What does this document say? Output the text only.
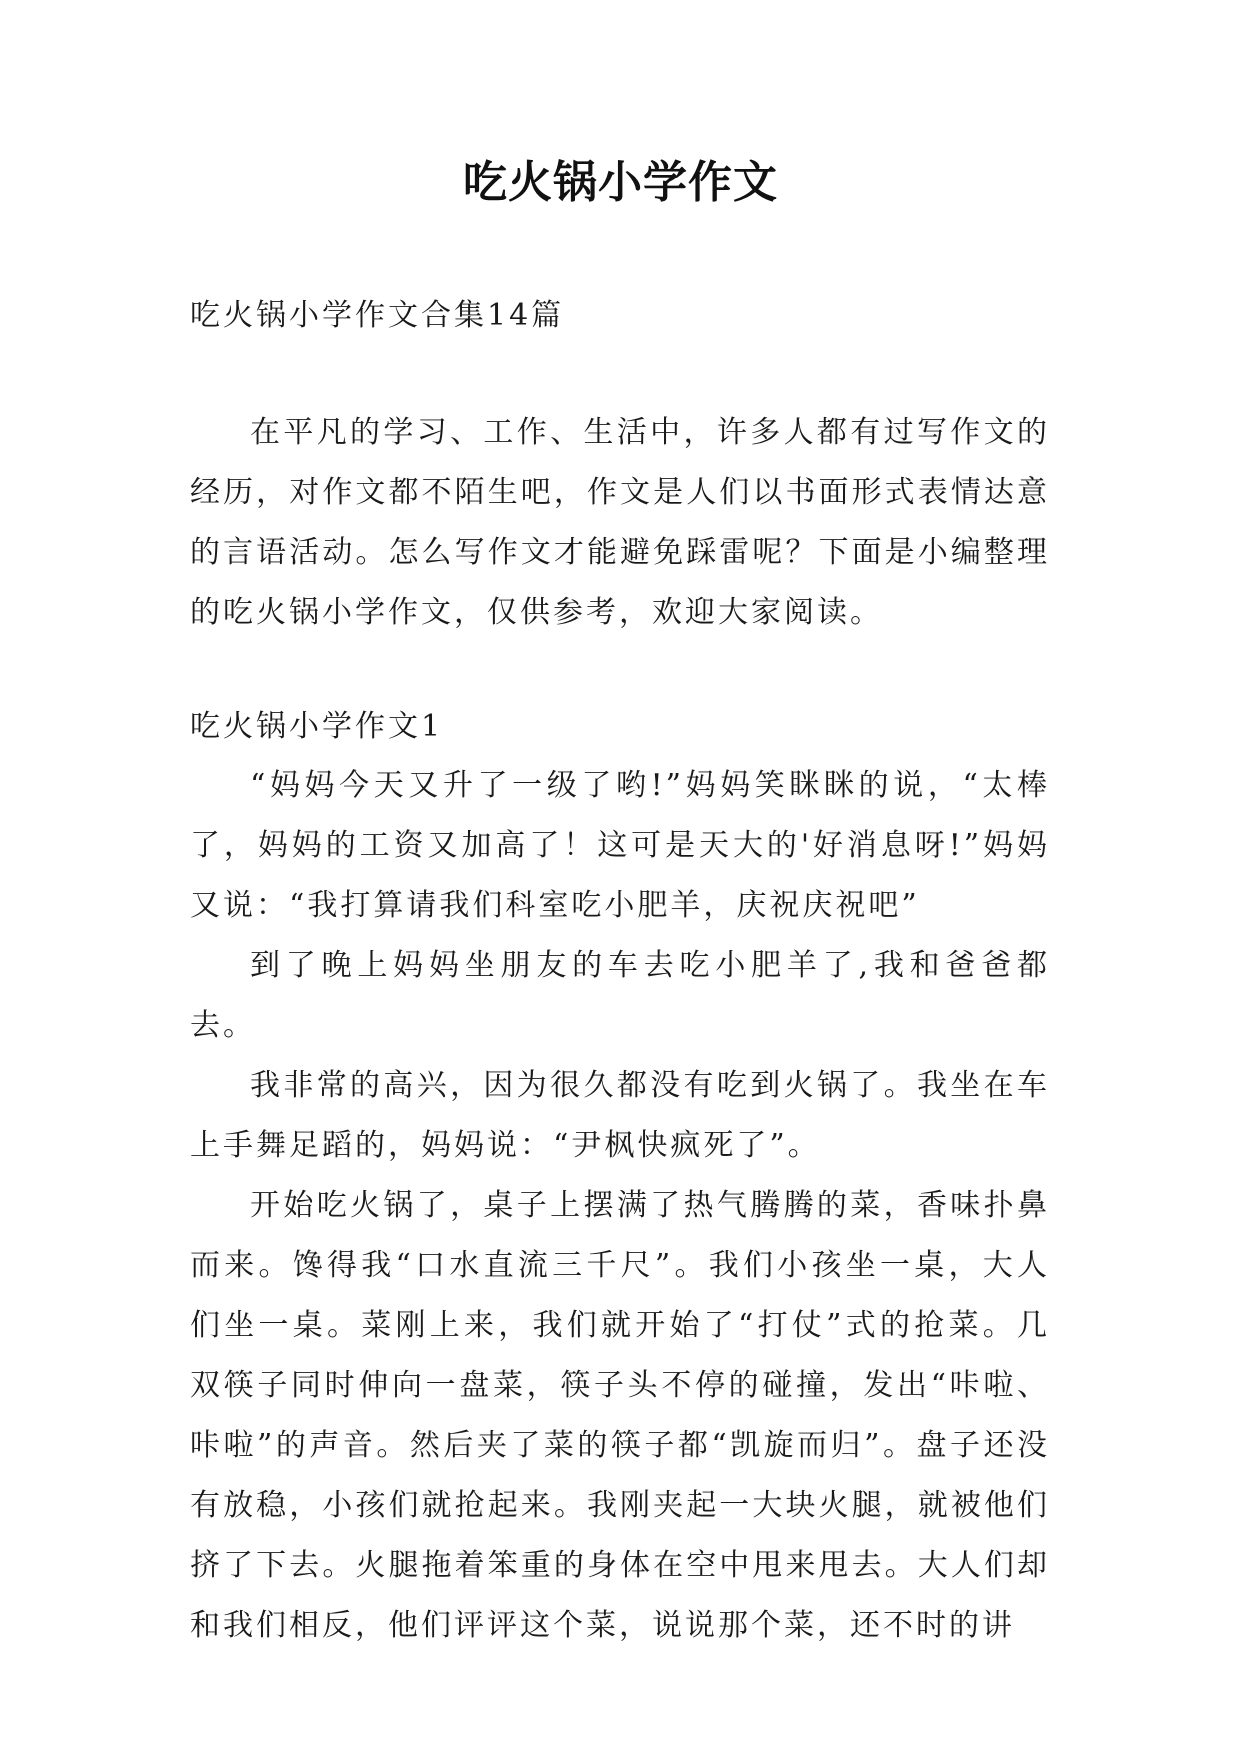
吃火锅小学作文

吃火锅小学作文合集14篇

在平凡的学习、工作、生活中，许多人都有过写作文的经历，对作文都不陌生吧，作文是人们以书面形式表情达意的言语活动。怎么写作文才能避免踩雷呢？下面是小编整理的吃火锅小学作文，仅供参考，欢迎大家阅读。

吃火锅小学作文1

“妈妈今天又升了一级了哟!”妈妈笑眯眯的说，“太棒了，妈妈的工资又加高了！这可是天大的'好消息呀!”妈妈又说：“我打算请我们科室吃小肥羊，庆祝庆祝吧”

到了晚上妈妈坐朋友的车去吃小肥羊了,我和爸爸都去。

我非常的高兴，因为很久都没有吃到火锅了。我坐在车上手舞足蹈的，妈妈说：“尹枫快疯死了”。

开始吃火锅了，桌子上摆满了热气腾腾的菜，香味扑鼻而来。馋得我“口水直流三千尺”。我们小孩坐一桌，大人们坐一桌。菜刚上来，我们就开始了“打仗”式的抢菜。几双筷子同时伸向一盘菜，筷子头不停的碰撞，发出“咔啦、咔啦”的声音。然后夹了菜的筷子都“凯旋而归”。盘子还没有放稳，小孩们就抢起来。我刚夹起一大块火腿，就被他们挤了下去。火腿拖着笨重的身体在空中甩来甩去。大人们却和我们相反，他们评评这个菜，说说那个菜，还不时的讲
